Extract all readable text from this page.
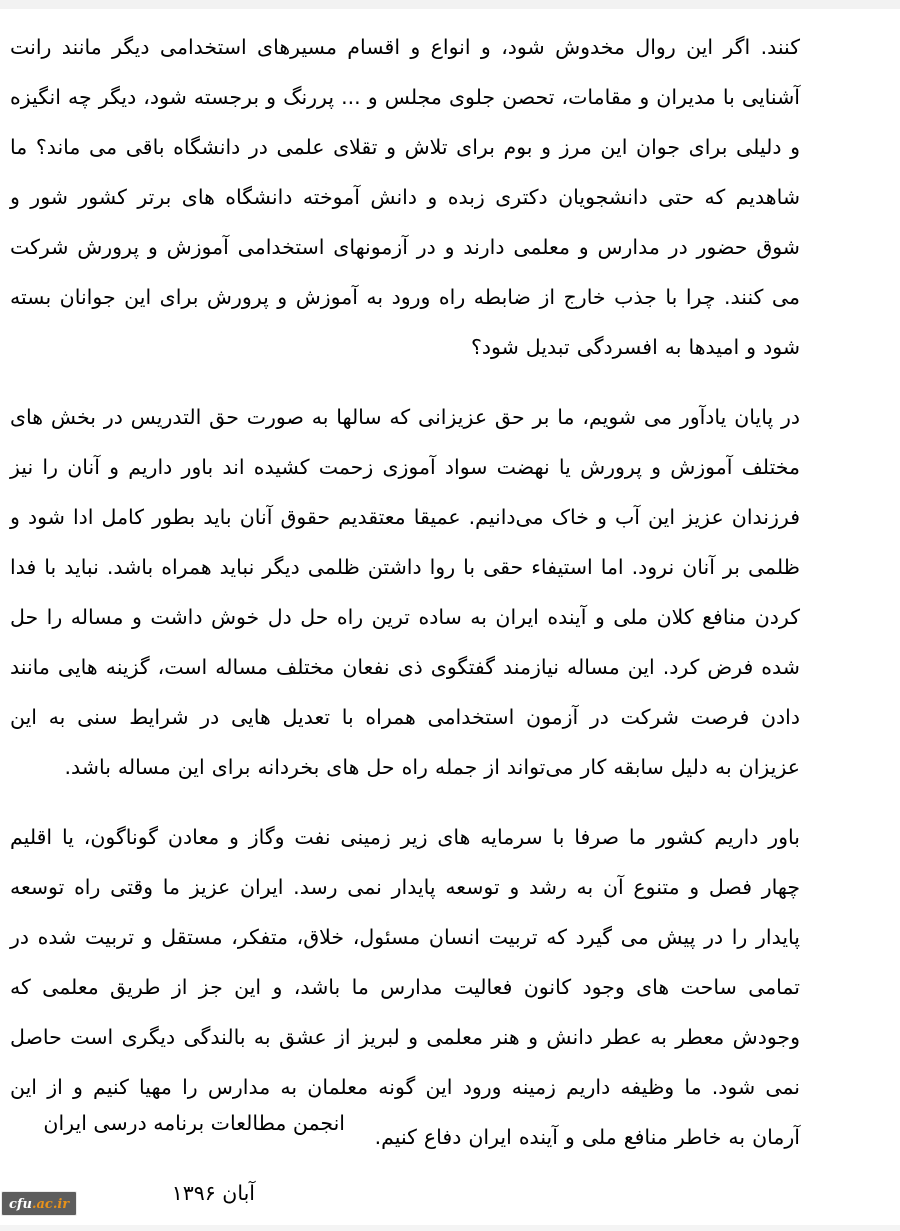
کنند. اگر این روال مخدوش شود، و انواع و اقسام مسیرهای استخدامی دیگر مانند رانت آشنایی با مدیران و مقامات، تحصن جلوی مجلس و ... پررنگ و برجسته شود، دیگر چه انگیزه و دلیلی برای جوان این مرز و بوم برای تلاش و تقلای علمی در دانشگاه باقی می ماند؟ ما شاهدیم که حتی دانشجویان دکتری زبده و دانش آموخته دانشگاه های برتر کشور شور و شوق حضور در مدارس و معلمی دارند و در آزمونهای استخدامی آموزش و پرورش شرکت می کنند. چرا با جذب خارج از ضابطه راه ورود به آموزش و پرورش برای این جوانان بسته شود و امیدها به افسردگی تبدیل شود؟

در پایان یادآور می شویم، ما بر حق عزیزانی که سالها به صورت حق التدریس در بخش های مختلف آموزش و پرورش یا نهضت سواد آموزی زحمت کشیده اند باور داریم و آنان را نیز فرزندان عزیز این آب و خاک می‌دانیم. عمیقا معتقدیم حقوق آنان باید بطور کامل ادا شود و ظلمی بر آنان نرود. اما استیفاء حقی با روا داشتن ظلمی دیگر نباید همراه باشد. نباید با فدا کردن منافع کلان ملی و آینده ایران به ساده ترین راه حل دل خوش داشت و مساله را حل شده فرض کرد. این مساله نیازمند گفتگوی ذی نفعان مختلف مساله است، گزینه هایی مانند دادن فرصت شرکت در آزمون استخدامی همراه با تعدیل هایی در شرایط سنی به این عزیزان به دلیل سابقه کار می‌تواند از جمله راه حل های بخردانه برای این مساله باشد.

باور داریم کشور ما صرفا با سرمایه های زیر زمینی نفت وگاز و معادن گوناگون، یا اقلیم چهار فصل و متنوع آن به رشد و توسعه پایدار نمی رسد. ایران عزیز ما وقتی راه توسعه پایدار را در پیش می گیرد که تربیت انسان مسئول، خلاق، متفکر، مستقل و تربیت شده در تمامی ساحت های وجود کانون فعالیت مدارس ما باشد، و این جز از طریق معلمی که وجودش معطر به عطر دانش و هنر معلمی و لبریز از عشق به بالندگی دیگری است حاصل نمی شود. ما وظیفه داریم زمینه ورود این گونه معلمان به مدارس را مهیا کنیم و از این آرمان به خاطر منافع ملی و آینده ایران دفاع کنیم.

انجمن مطالعات برنامه درسی ایران

آبان ۱۳۹۶

cfu.ac.ir
